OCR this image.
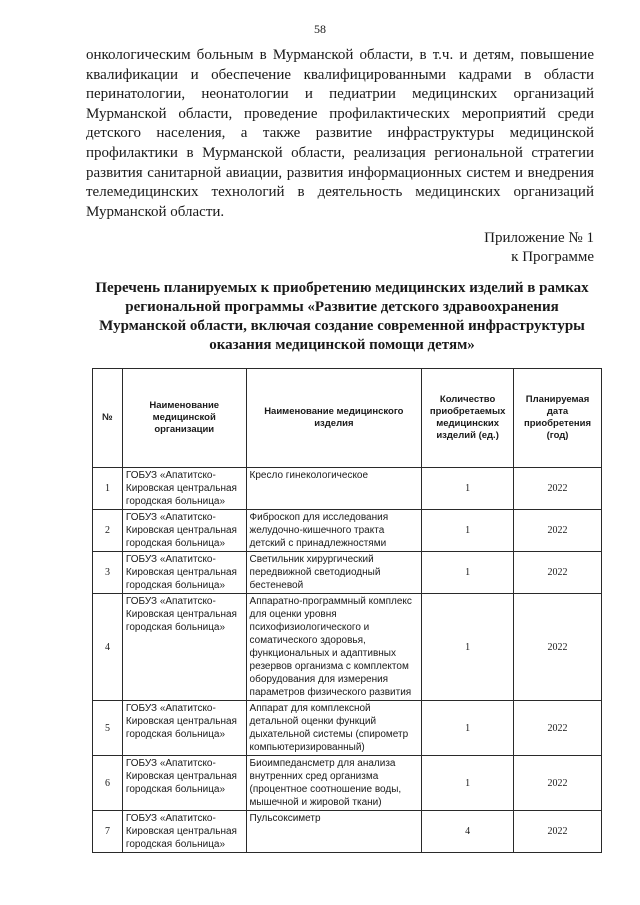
58
онкологическим больным в Мурманской области, в т.ч. и детям, повышение квалификации и обеспечение квалифицированными кадрами в области перинатологии, неонатологии и педиатрии медицинских организаций Мурманской области, проведение профилактических мероприятий среди детского населения, а также развитие инфраструктуры медицинской профилактики в Мурманской области, реализация региональной стратегии развития санитарной авиации, развития информационных систем и внедрения телемедицинских технологий в деятельность медицинских организаций Мурманской области.
Приложение № 1
к Программе
Перечень планируемых к приобретению медицинских изделий в рамках региональной программы «Развитие детского здравоохранения Мурманской области, включая создание современной инфраструктуры оказания медицинской помощи детям»
№	Наименование медицинской организации	Наименование медицинского изделия	Количество приобретаемых медицинских изделий (ед.)	Планируемая дата приобретения (год)
1	ГОБУЗ «Апатитско-Кировская центральная городская больница»	Кресло гинекологическое	1	2022
2	ГОБУЗ «Апатитско-Кировская центральная городская больница»	Фиброскоп для исследования желудочно-кишечного тракта детский с принадлежностями	1	2022
3	ГОБУЗ «Апатитско-Кировская центральная городская больница»	Светильник хирургический передвижной светодиодный бестеневой	1	2022
4	ГОБУЗ «Апатитско-Кировская центральная городская больница»	Аппаратно-программный комплекс для оценки уровня психофизиологического и соматического здоровья, функциональных и адаптивных резервов организма с комплектом оборудования для измерения параметров физического развития	1	2022
5	ГОБУЗ «Апатитско-Кировская центральная городская больница»	Аппарат для комплексной детальной оценки функций дыхательной системы (спирометр компьютеризированный)	1	2022
6	ГОБУЗ «Апатитско-Кировская центральная городская больница»	Биоимпедансметр для анализа внутренних сред организма (процентное соотношение воды, мышечной и жировой ткани)	1	2022
7	ГОБУЗ «Апатитско-Кировская центральная городская больница»	Пульсоксиметр	4	2022
